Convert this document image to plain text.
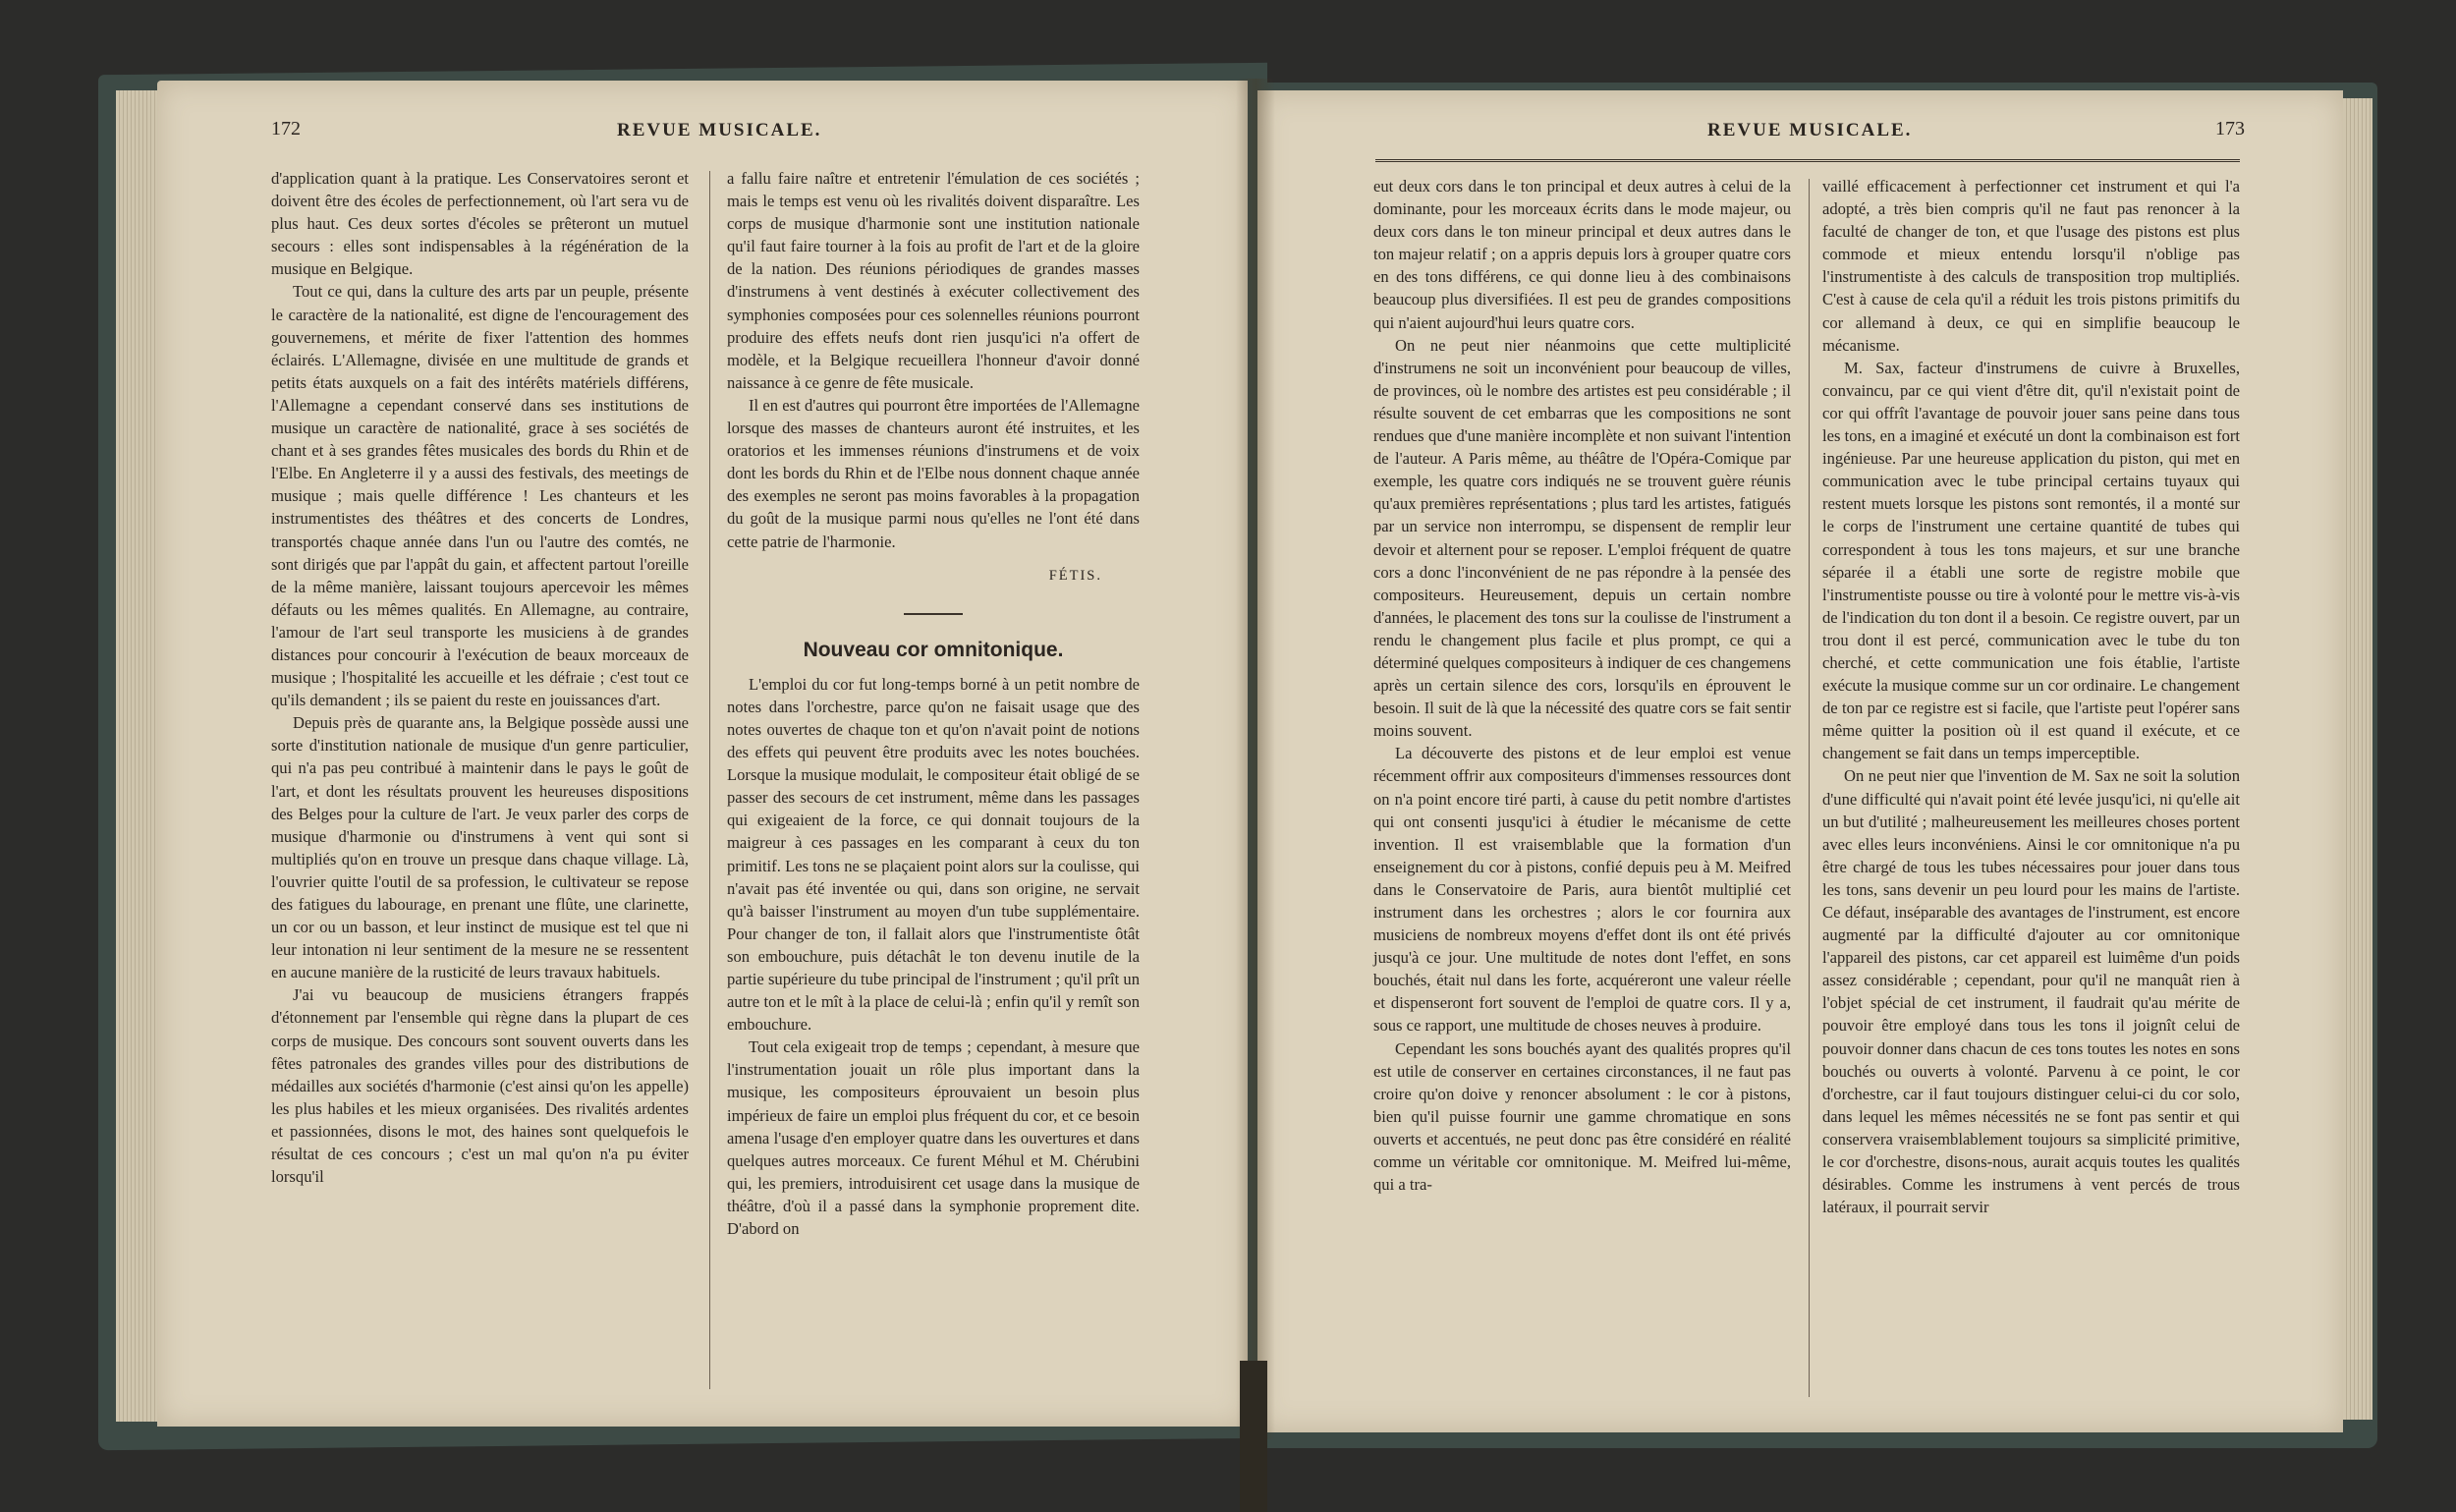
172	REVUE MUSICALE.

d'application quant à la pratique. Les Conservatoires seront et doivent être des écoles de perfectionnement, où l'art sera vu de plus haut. Ces deux sortes d'écoles se prêteront un mutuel secours : elles sont indispensables à la régénération de la musique en Belgique.

Tout ce qui, dans la culture des arts par un peuple, présente le caractère de la nationalité, est digne de l'encouragement des gouvernemens, et mérite de fixer l'attention des hommes éclairés. L'Allemagne, divisée en une multitude de grands et petits états auxquels on a fait des intérêts matériels différens, l'Allemagne a cependant conservé dans ses institutions de musique un caractère de nationalité, grace à ses sociétés de chant et à ses grandes fêtes musicales des bords du Rhin et de l'Elbe. En Angleterre il y a aussi des festivals, des meetings de musique ; mais quelle différence ! Les chanteurs et les instrumentistes des théâtres et des concerts de Londres, transportés chaque année dans l'un ou l'autre des comtés, ne sont dirigés que par l'appât du gain, et affectent partout l'oreille de la même manière, laissant toujours apercevoir les mêmes défauts ou les mêmes qualités. En Allemagne, au contraire, l'amour de l'art seul transporte les musiciens à de grandes distances pour concourir à l'exécution de beaux morceaux de musique ; l'hospitalité les accueille et les défraie ; c'est tout ce qu'ils demandent ; ils se paient du reste en jouissances d'art.

Depuis près de quarante ans, la Belgique possède aussi une sorte d'institution nationale de musique d'un genre particulier, qui n'a pas peu contribué à maintenir dans le pays le goût de l'art, et dont les résultats prouvent les heureuses dispositions des Belges pour la culture de l'art. Je veux parler des corps de musique d'harmonie ou d'instrumens à vent qui sont si multipliés qu'on en trouve un presque dans chaque village. Là, l'ouvrier quitte l'outil de sa profession, le cultivateur se repose des fatigues du labourage, en prenant une flûte, une clarinette, un cor ou un basson, et leur instinct de musique est tel que ni leur intonation ni leur sentiment de la mesure ne se ressentent en aucune manière de la rusticité de leurs travaux habituels.

J'ai vu beaucoup de musiciens étrangers frappés d'étonnement par l'ensemble qui règne dans la plupart de ces corps de musique. Des concours sont souvent ouverts dans les fêtes patronales des grandes villes pour des distributions de médailles aux sociétés d'harmonie (c'est ainsi qu'on les appelle) les plus habiles et les mieux organisées. Des rivalités ardentes et passionnées, disons le mot, des haines sont quelquefois le résultat de ces concours ; c'est un mal qu'on n'a pu éviter lorsqu'il

a fallu faire naître et entretenir l'émulation de ces sociétés ; mais le temps est venu où les rivalités doivent disparaître. Les corps de musique d'harmonie sont une institution nationale qu'il faut faire tourner à la fois au profit de l'art et de la gloire de la nation. Des réunions périodiques de grandes masses d'instrumens à vent destinés à exécuter collectivement des symphonies composées pour ces solennelles réunions pourront produire des effets neufs dont rien jusqu'ici n'a offert de modèle, et la Belgique recueillera l'honneur d'avoir donné naissance à ce genre de fête musicale.

Il en est d'autres qui pourront être importées de l'Allemagne lorsque des masses de chanteurs auront été instruites, et les oratorios et les immenses réunions d'instrumens et de voix dont les bords du Rhin et de l'Elbe nous donnent chaque année des exemples ne seront pas moins favorables à la propagation du goût de la musique parmi nous qu'elles ne l'ont été dans cette patrie de l'harmonie.

FÉTIS.
Nouveau cor omnitonique.

L'emploi du cor fut long-temps borné à un petit nombre de notes dans l'orchestre, parce qu'on ne faisait usage que des notes ouvertes de chaque ton et qu'on n'avait point de notions des effets qui peuvent être produits avec les notes bouchées. Lorsque la musique modulait, le compositeur était obligé de se passer des secours de cet instrument, même dans les passages qui exigeaient de la force, ce qui donnait toujours de la maigreur à ces passages en les comparant à ceux du ton primitif. Les tons ne se plaçaient point alors sur la coulisse, qui n'avait pas été inventée ou qui, dans son origine, ne servait qu'à baisser l'instrument au moyen d'un tube supplémentaire. Pour changer de ton, il fallait alors que l'instrumentiste ôtât son embouchure, puis détachât le ton devenu inutile de la partie supérieure du tube principal de l'instrument ; qu'il prît un autre ton et le mît à la place de celui-là ; enfin qu'il y remît son embouchure.

Tout cela exigeait trop de temps ; cependant, à mesure que l'instrumentation jouait un rôle plus important dans la musique, les compositeurs éprouvaient un besoin plus impérieux de faire un emploi plus fréquent du cor, et ce besoin amena l'usage d'en employer quatre dans les ouvertures et dans quelques autres morceaux. Ce furent Méhul et M. Chérubini qui, les premiers, introduisirent cet usage dans la musique de théâtre, d'où il a passé dans la symphonie proprement dite. D'abord on

REVUE MUSICALE.	173

eut deux cors dans le ton principal et deux autres à celui de la dominante, pour les morceaux écrits dans le mode majeur, ou deux cors dans le ton mineur principal et deux autres dans le ton majeur relatif ; on a appris depuis lors à grouper quatre cors en des tons différens, ce qui donne lieu à des combinaisons beaucoup plus diversifiées. Il est peu de grandes compositions qui n'aient aujourd'hui leurs quatre cors.

On ne peut nier néanmoins que cette multiplicité d'instrumens ne soit un inconvénient pour beaucoup de villes, de provinces, où le nombre des artistes est peu considérable ; il résulte souvent de cet embarras que les compositions ne sont rendues que d'une manière incomplète et non suivant l'intention de l'auteur. A Paris même, au théâtre de l'Opéra-Comique par exemple, les quatre cors indiqués ne se trouvent guère réunis qu'aux premières représentations ; plus tard les artistes, fatigués par un service non interrompu, se dispensent de remplir leur devoir et alternent pour se reposer. L'emploi fréquent de quatre cors a donc l'inconvénient de ne pas répondre à la pensée des compositeurs. Heureusement, depuis un certain nombre d'années, le placement des tons sur la coulisse de l'instrument a rendu le changement plus facile et plus prompt, ce qui a déterminé quelques compositeurs à indiquer de ces changemens après un certain silence des cors, lorsqu'ils en éprouvent le besoin. Il suit de là que la nécessité des quatre cors se fait sentir moins souvent.

La découverte des pistons et de leur emploi est venue récemment offrir aux compositeurs d'immenses ressources dont on n'a point encore tiré parti, à cause du petit nombre d'artistes qui ont consenti jusqu'ici à étudier le mécanisme de cette invention. Il est vraisemblable que la formation d'un enseignement du cor à pistons, confié depuis peu à M. Meifred dans le Conservatoire de Paris, aura bientôt multiplié cet instrument dans les orchestres ; alors le cor fournira aux musiciens de nombreux moyens d'effet dont ils ont été privés jusqu'à ce jour. Une multitude de notes dont l'effet, en sons bouchés, était nul dans les forte, acquéreront une valeur réelle et dispenseront fort souvent de l'emploi de quatre cors. Il y a, sous ce rapport, une multitude de choses neuves à produire.

Cependant les sons bouchés ayant des qualités propres qu'il est utile de conserver en certaines circonstances, il ne faut pas croire qu'on doive y renoncer absolument : le cor à pistons, bien qu'il puisse fournir une gamme chromatique en sons ouverts et accentués, ne peut donc pas être considéré en réalité comme un véritable cor omnitonique. M. Meifred lui-même, qui a tra-

vaillé efficacement à perfectionner cet instrument et qui l'a adopté, a très bien compris qu'il ne faut pas renoncer à la faculté de changer de ton, et que l'usage des pistons est plus commode et mieux entendu lorsqu'il n'oblige pas l'instrumentiste à des calculs de transposition trop multipliés. C'est à cause de cela qu'il a réduit les trois pistons primitifs du cor allemand à deux, ce qui en simplifie beaucoup le mécanisme.

M. Sax, facteur d'instrumens de cuivre à Bruxelles, convaincu, par ce qui vient d'être dit, qu'il n'existait point de cor qui offrît l'avantage de pouvoir jouer sans peine dans tous les tons, en a imaginé et exécuté un dont la combinaison est fort ingénieuse. Par une heureuse application du piston, qui met en communication avec le tube principal certains tuyaux qui restent muets lorsque les pistons sont remontés, il a monté sur le corps de l'instrument une certaine quantité de tubes qui correspondent à tous les tons majeurs, et sur une branche séparée il a établi une sorte de registre mobile que l'instrumentiste pousse ou tire à volonté pour le mettre vis-à-vis de l'indication du ton dont il a besoin. Ce registre ouvert, par un trou dont il est percé, communication avec le tube du ton cherché, et cette communication une fois établie, l'artiste exécute la musique comme sur un cor ordinaire. Le changement de ton par ce registre est si facile, que l'artiste peut l'opérer sans même quitter la position où il est quand il exécute, et ce changement se fait dans un temps imperceptible.

On ne peut nier que l'invention de M. Sax ne soit la solution d'une difficulté qui n'avait point été levée jusqu'ici, ni qu'elle ait un but d'utilité ; malheureusement les meilleures choses portent avec elles leurs inconvéniens. Ainsi le cor omnitonique n'a pu être chargé de tous les tubes nécessaires pour jouer dans tous les tons, sans devenir un peu lourd pour les mains de l'artiste. Ce défaut, inséparable des avantages de l'instrument, est encore augmenté par la difficulté d'ajouter au cor omnitonique l'appareil des pistons, car cet appareil est luimême d'un poids assez considérable ; cependant, pour qu'il ne manquât rien à l'objet spécial de cet instrument, il faudrait qu'au mérite de pouvoir être employé dans tous les tons il joignît celui de pouvoir donner dans chacun de ces tons toutes les notes en sons bouchés ou ouverts à volonté. Parvenu à ce point, le cor d'orchestre, car il faut toujours distinguer celui-ci du cor solo, dans lequel les mêmes nécessités ne se font pas sentir et qui conservera vraisemblablement toujours sa simplicité primitive, le cor d'orchestre, disons-nous, aurait acquis toutes les qualités désirables. Comme les instrumens à vent percés de trous latéraux, il pourrait servir
